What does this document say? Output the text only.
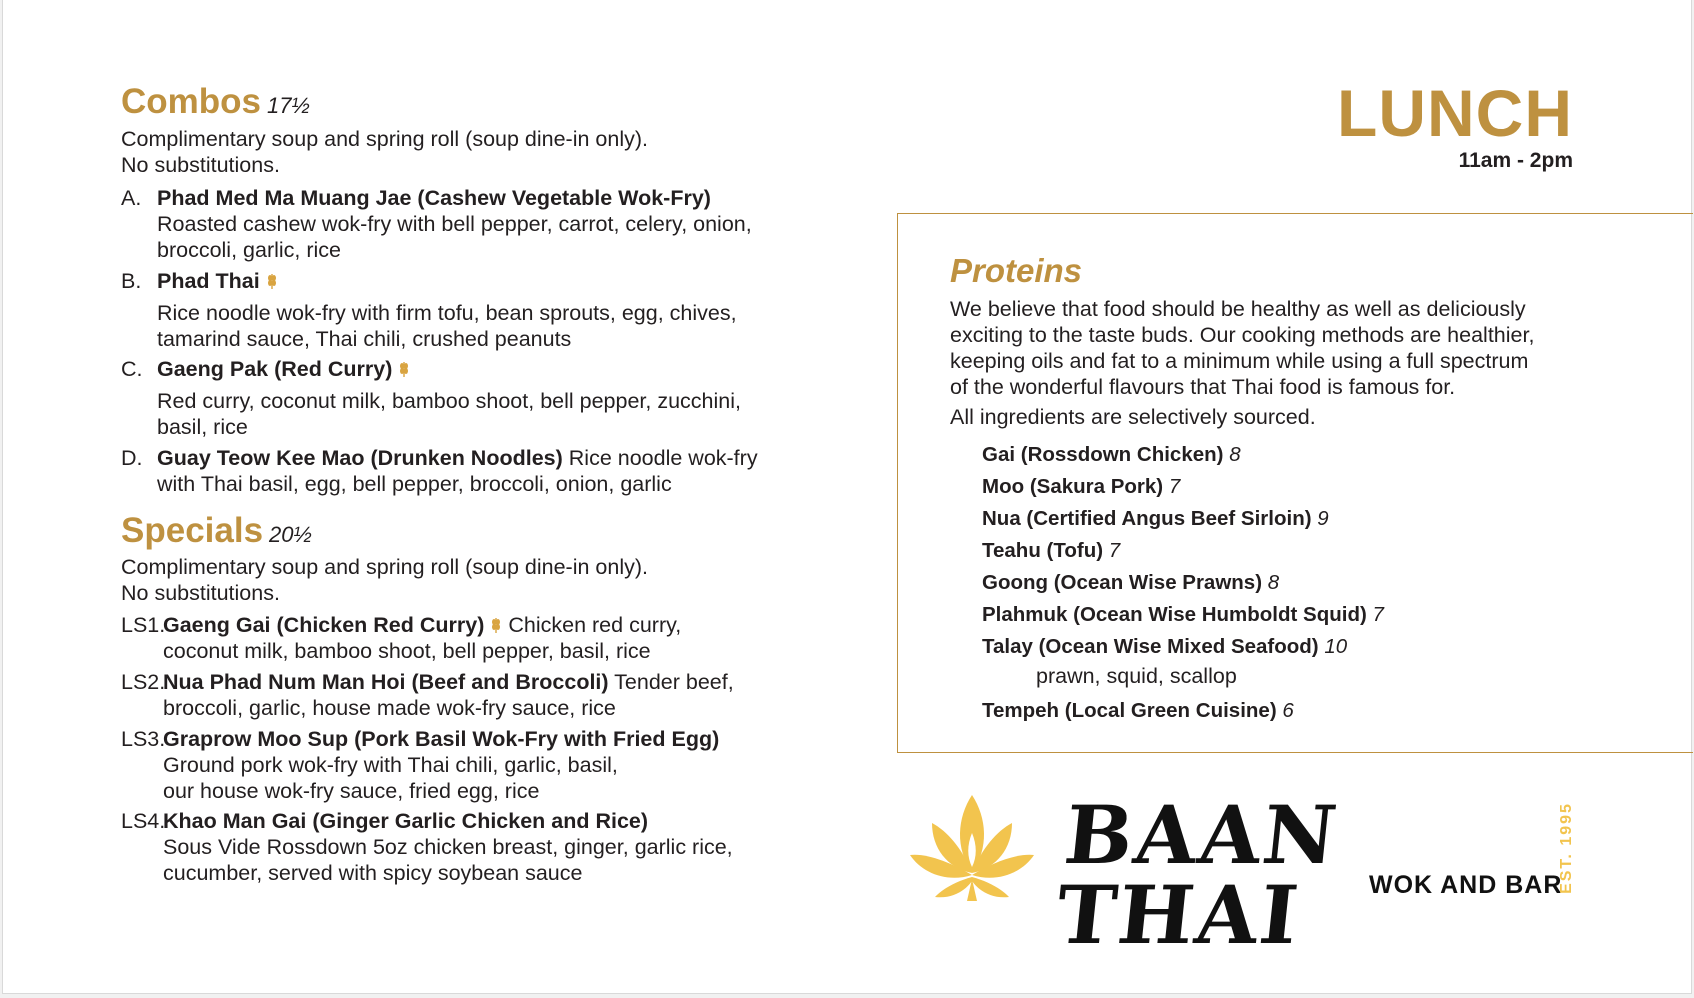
Combos 17½
Complimentary soup and spring roll (soup dine-in only).
No substitutions.
A. Phad Med Ma Muang Jae (Cashew Vegetable Wok-Fry)
Roasted cashew wok-fry with bell pepper, carrot, celery, onion,
broccoli, garlic, rice
B. Phad Thai
Rice noodle wok-fry with firm tofu, bean sprouts, egg, chives,
tamarind sauce, Thai chili, crushed peanuts
C. Gaeng Pak (Red Curry)
Red curry, coconut milk, bamboo shoot, bell pepper, zucchini,
basil, rice
D. Guay Teow Kee Mao (Drunken Noodles) Rice noodle wok-fry
with Thai basil, egg, bell pepper, broccoli, onion, garlic
Specials 20½
Complimentary soup and spring roll (soup dine-in only).
No substitutions.
LS1.
Gaeng Gai (Chicken Red Curry) Chicken red curry,
coconut milk, bamboo shoot, bell pepper, basil, rice
LS2.
Nua Phad Num Man Hoi (Beef and Broccoli) Tender beef,
broccoli, garlic, house made wok-fry sauce, rice
LS3.
Graprow Moo Sup (Pork Basil Wok-Fry with Fried Egg)
Ground pork wok-fry with Thai chili, garlic, basil,
our house wok-fry sauce, fried egg, rice
LS4.
Khao Man Gai (Ginger Garlic Chicken and Rice)
Sous Vide Rossdown 5oz chicken breast, ginger, garlic rice,
cucumber, served with spicy soybean sauce
LUNCH
11am - 2pm
Proteins
We believe that food should be healthy as well as deliciously
exciting to the taste buds. Our cooking methods are healthier,
keeping oils and fat to a minimum while using a full spectrum
of the wonderful flavours that Thai food is famous for.
All ingredients are selectively sourced.
Gai (Rossdown Chicken) 8
Moo (Sakura Pork) 7
Nua (Certified Angus Beef Sirloin) 9
Teahu (Tofu) 7
Goong (Ocean Wise Prawns) 8
Plahmuk (Ocean Wise Humboldt Squid) 7
Talay (Ocean Wise Mixed Seafood) 10
prawn, squid, scallop
Tempeh (Local Green Cuisine) 6
BAAN THAI	WOK AND BAR
EST. 1995
